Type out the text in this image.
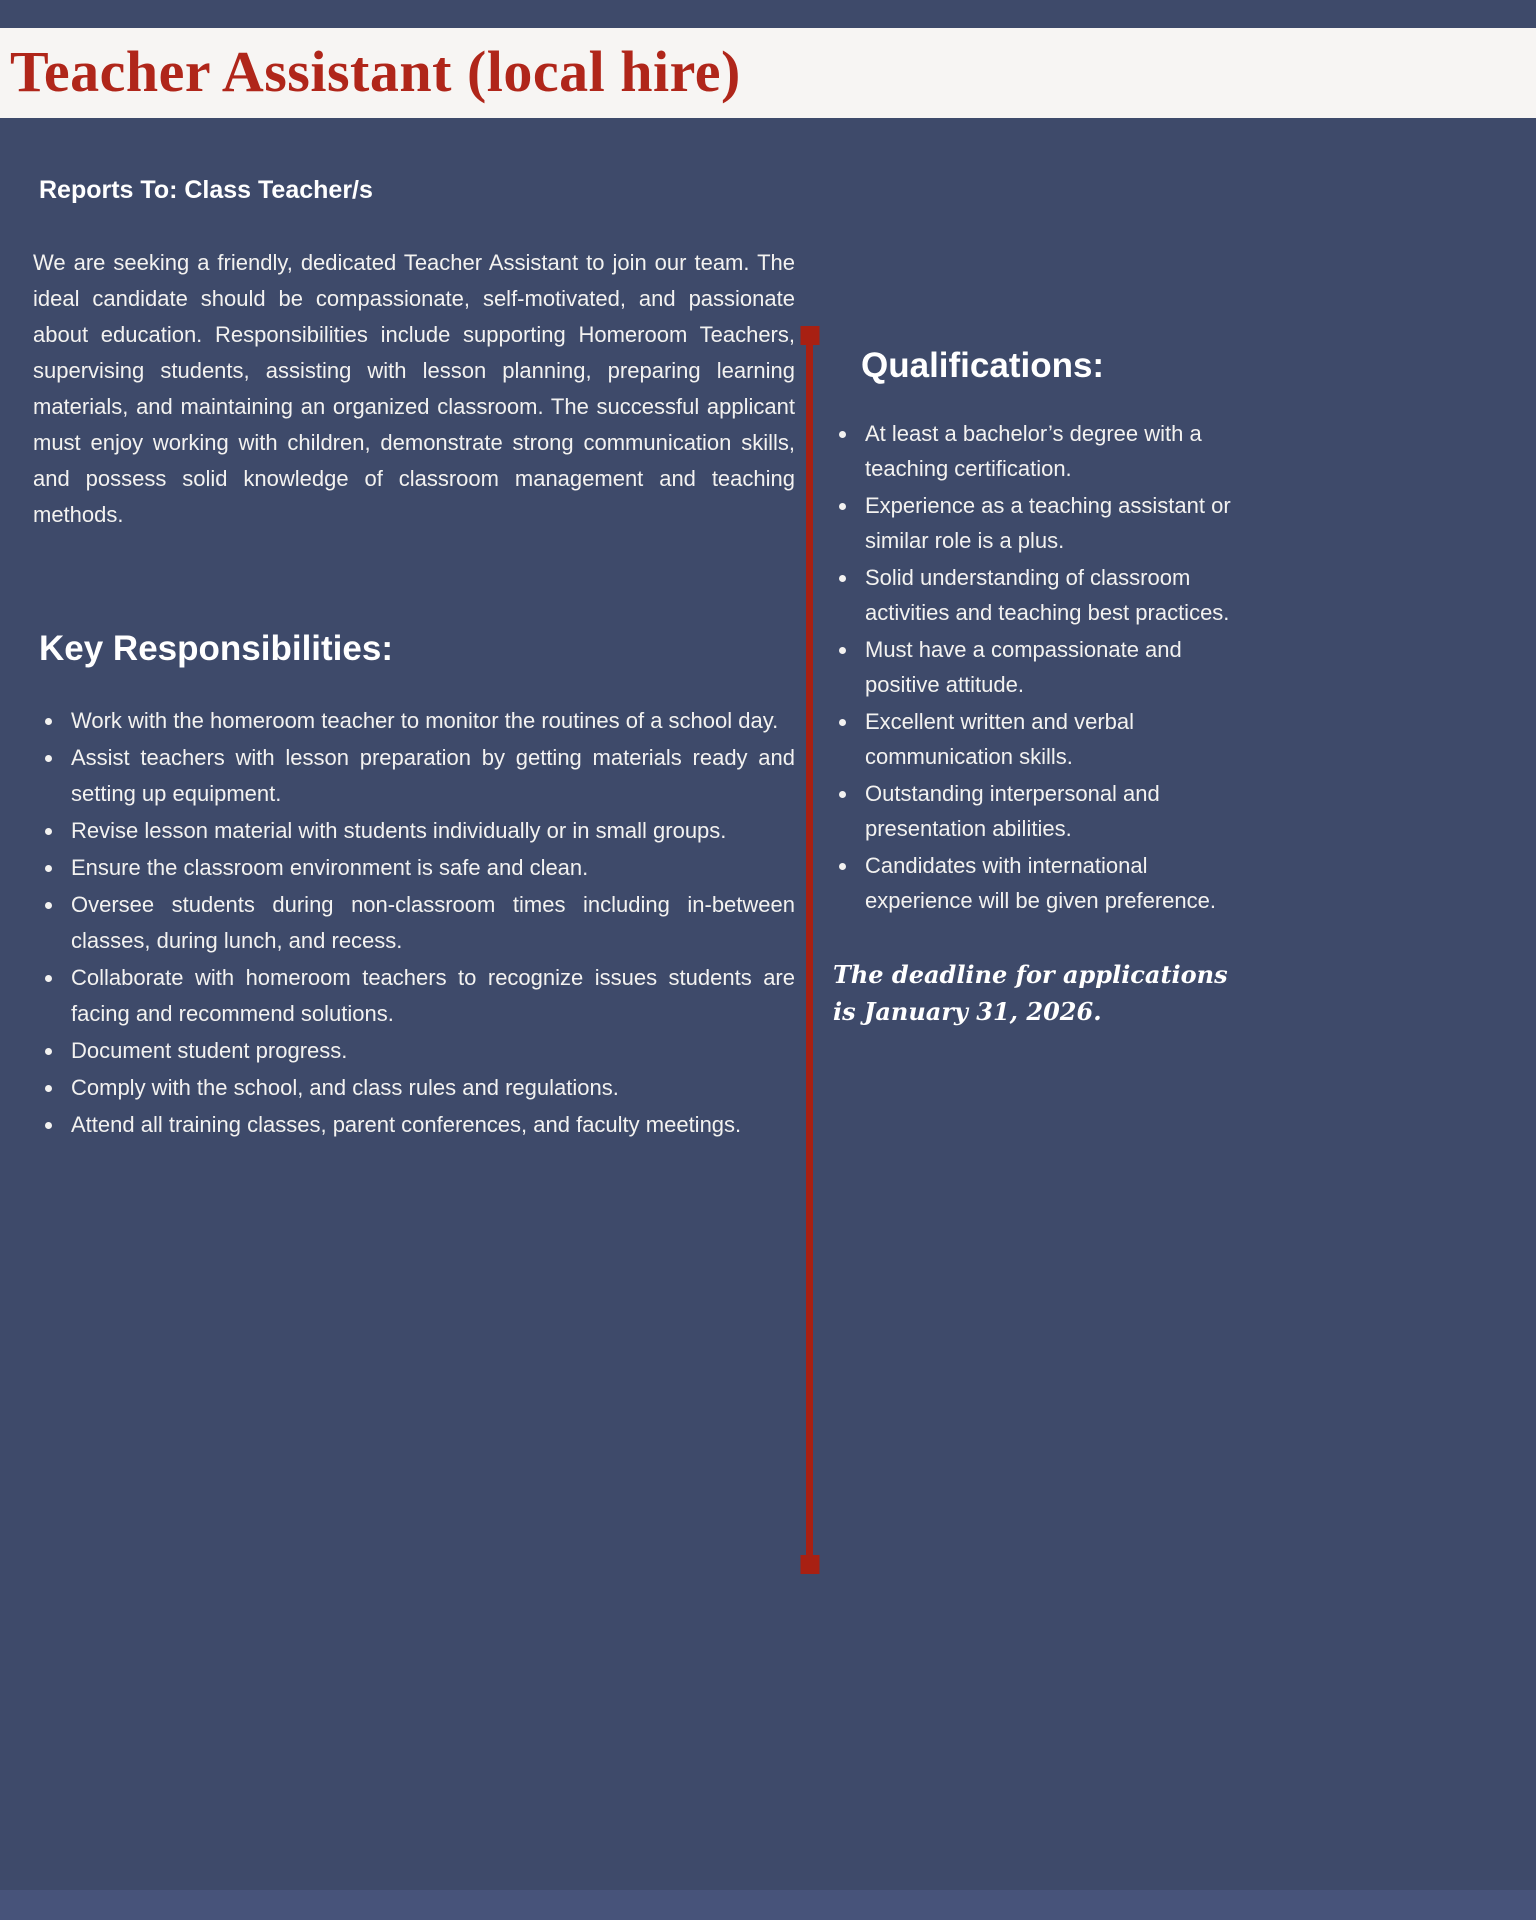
Teacher Assistant (local hire)

Reports To: Class Teacher/s

We are seeking a friendly, dedicated Teacher Assistant to join our team. The ideal candidate should be compassionate, self-motivated, and passionate about education. Responsibilities include supporting Homeroom Teachers, supervising students, assisting with lesson planning, preparing learning materials, and maintaining an organized classroom. The successful applicant must enjoy working with children, demonstrate strong communication skills, and possess solid knowledge of classroom management and teaching methods.

Key Responsibilities:
• Work with the homeroom teacher to monitor the routines of a school day.
• Assist teachers with lesson preparation by getting materials ready and setting up equipment.
• Revise lesson material with students individually or in small groups.
• Ensure the classroom environment is safe and clean.
• Oversee students during non-classroom times including in-between classes, during lunch, and recess.
• Collaborate with homeroom teachers to recognize issues students are facing and recommend solutions.
• Document student progress.
• Comply with the school, and class rules and regulations.
• Attend all training classes, parent conferences, and faculty meetings.
Qualifications:
• At least a bachelor’s degree with a teaching certification.
• Experience as a teaching assistant or similar role is a plus.
• Solid understanding of classroom activities and teaching best practices.
• Must have a compassionate and positive attitude.
• Excellent written and verbal communication skills.
• Outstanding interpersonal and presentation abilities.
• Candidates with international experience will be given preference.

The deadline for applications is January 31, 2026.
